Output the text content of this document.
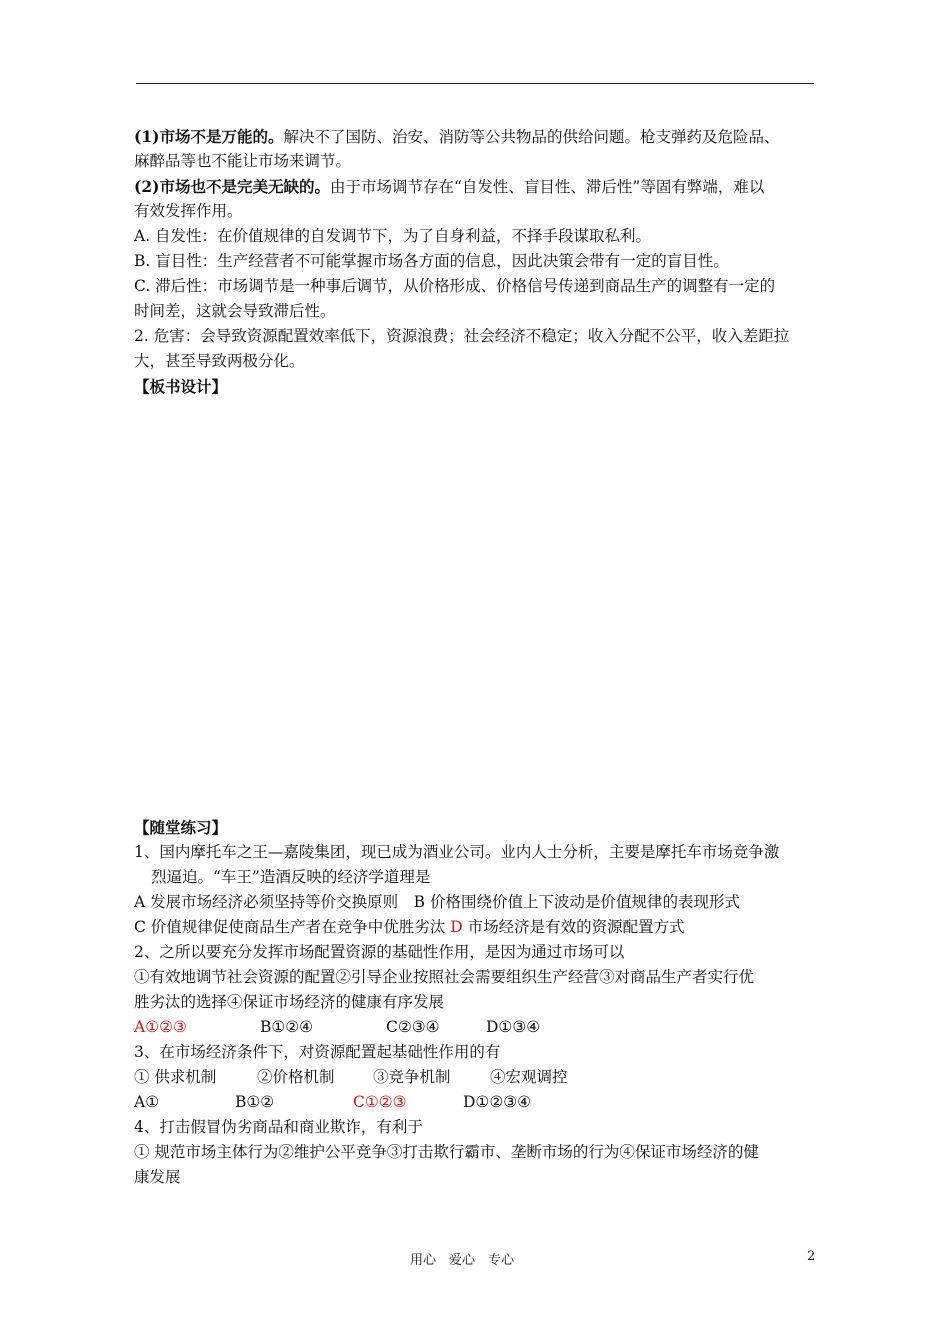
(1)市场不是万能的。解决不了国防、治安、消防等公共物品的供给问题。枪支弹药及危险品、
麻醉品等也不能让市场来调节。
(2)市场也不是完美无缺的。由于市场调节存在“自发性、盲目性、滞后性”等固有弊端，难以
有效发挥作用。
A. 自发性：在价值规律的自发调节下，为了自身利益，不择手段谋取私利。
B. 盲目性：生产经营者不可能掌握市场各方面的信息，因此决策会带有一定的盲目性。
C. 滞后性：市场调节是一种事后调节，从价格形成、价格信号传递到商品生产的调整有一定的
时间差，这就会导致滞后性。
2. 危害：会导致资源配置效率低下，资源浪费；社会经济不稳定；收入分配不公平，收入差距拉
大，甚至导致两极分化。
【板书设计】
【随堂练习】
1、国内摩托车之王—嘉陵集团，现已成为酒业公司。业内人士分析，主要是摩托车市场竞争激
烈逼迫。“车王”造酒反映的经济学道理是
A 发展市场经济必须坚持等价交换原则　B 价格围绕价值上下波动是价值规律的表现形式
C 价值规律促使商品生产者在竞争中优胜劣汰 D 市场经济是有效的资源配置方式
2、之所以要充分发挥市场配置资源的基础性作用，是因为通过市场可以
①有效地调节社会资源的配置②引导企业按照社会需要组织生产经营③对商品生产者实行优
胜劣汰的选择④保证市场经济的健康有序发展
A①②③	B①②④	C②③④	D①③④
3、在市场经济条件下，对资源配置起基础性作用的有
① 供求机制	②价格机制 ③竞争机制	④宏观调控
A①	B①②	C①②③	D①②③④
4、打击假冒伪劣商品和商业欺诈，有利于
① 规范市场主体行为②维护公平竞争③打击欺行霸市、垄断市场的行为④保证市场经济的健
康发展
用心　爱心　专心	2
